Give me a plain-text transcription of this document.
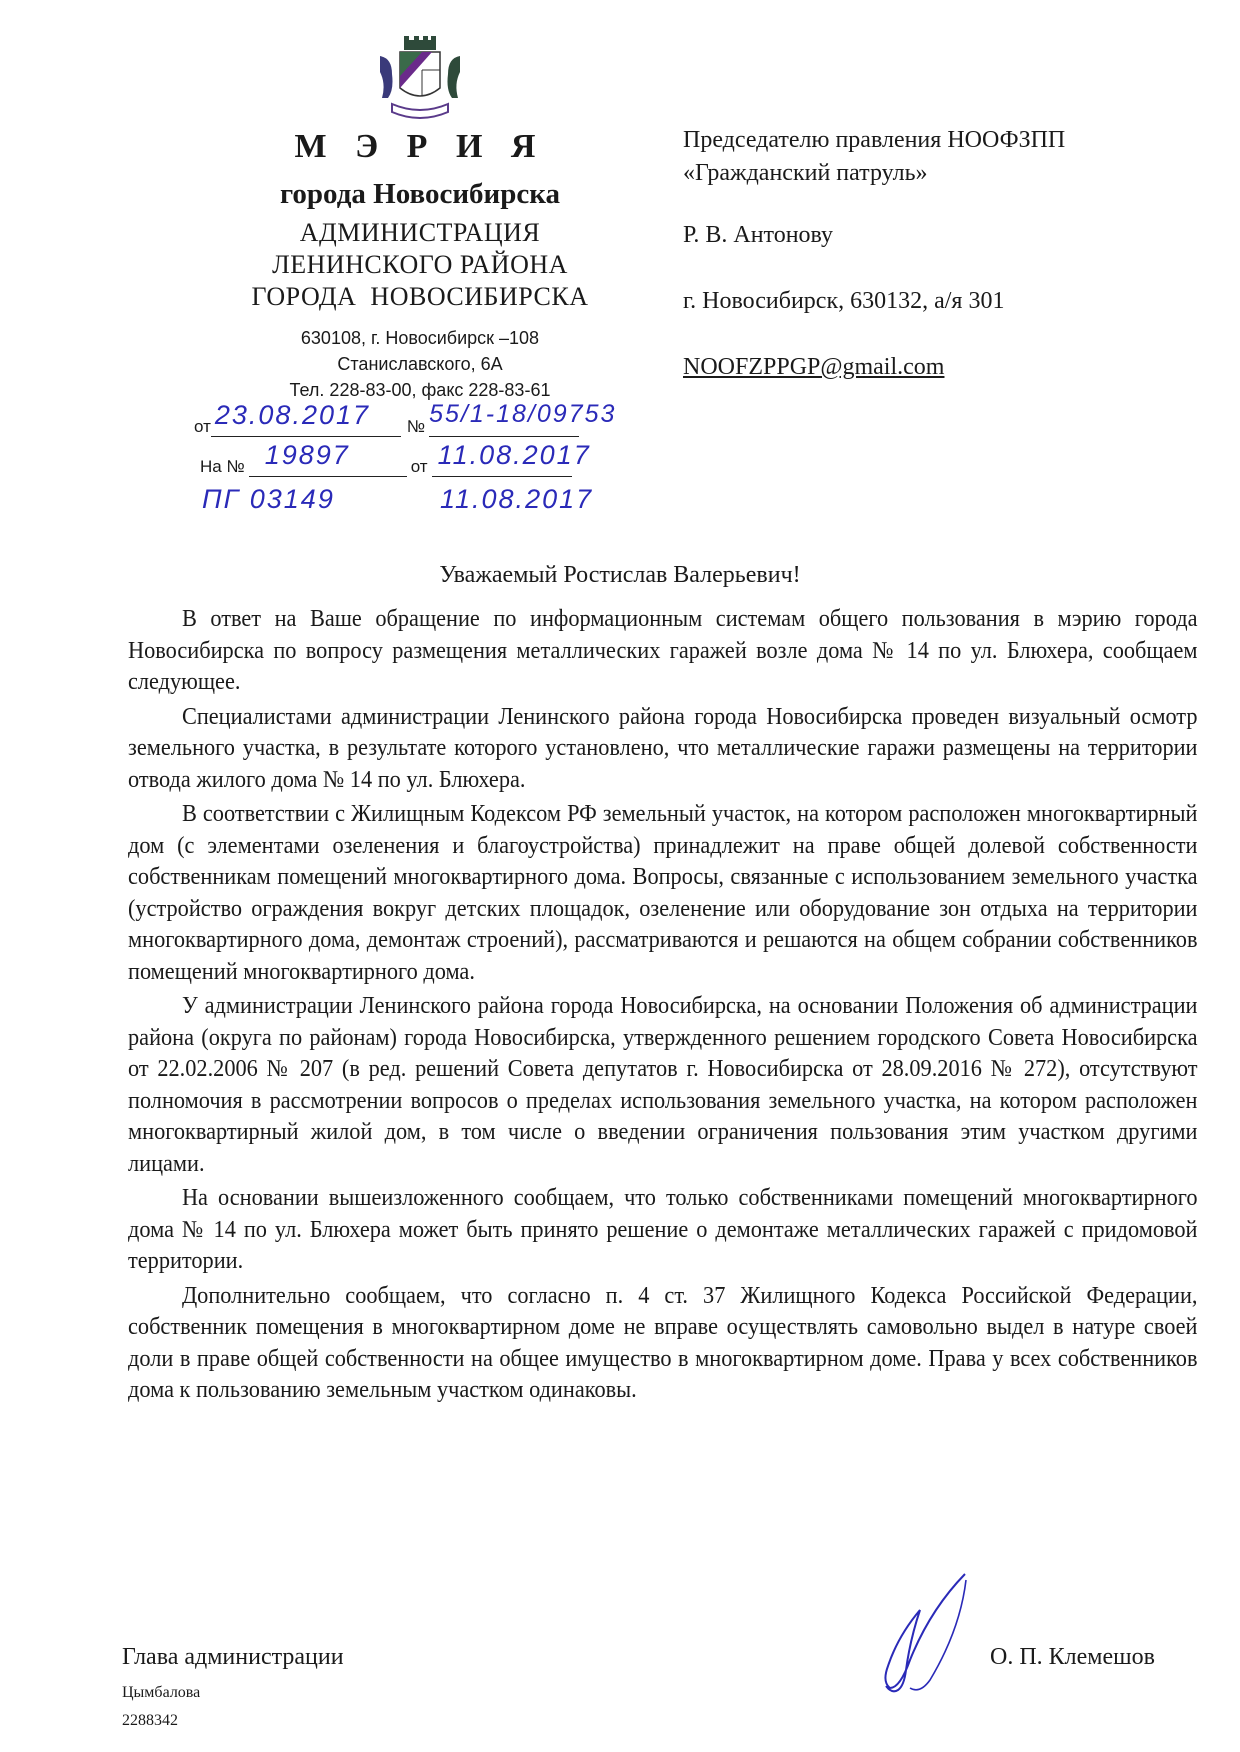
М Э Р И Я
города Новосибирска
АДМИНИСТРАЦИЯ
ЛЕНИНСКОГО РАЙОНА
ГОРОДА  НОВОСИБИРСКА
630108, г. Новосибирск –108
Станиславского, 6А
Тел. 228-83-00, факс 228-83-61
от 23.08.2017 № 55/1-18/09753
На № 19897	от 11.08.2017
ПГ 03149	11.08.2017
Председателю правления НООФЗПП
«Гражданский патруль»
Р. В. Антонову
г. Новосибирск, 630132, а/я 301
NOOFZPPGP@gmail.com
Уважаемый Ростислав Валерьевич!

В ответ на Ваше обращение по информационным системам общего пользования в мэрию города Новосибирска по вопросу размещения металлических гаражей возле дома № 14 по ул. Блюхера, сообщаем следующее.

Специалистами администрации Ленинского района города Новосибирска проведен визуальный осмотр земельного участка, в результате которого установлено, что металлические гаражи размещены на территории отвода жилого дома № 14 по ул. Блюхера.

В соответствии с Жилищным Кодексом РФ земельный участок, на котором расположен многоквартирный дом (с элементами озеленения и благоустройства) принадлежит на праве общей долевой собственности собственникам помещений многоквартирного дома. Вопросы, связанные с использованием земельного участка (устройство ограждения вокруг детских площадок, озеленение или оборудование зон отдыха на территории многоквартирного дома, демонтаж строений), рассматриваются и решаются на общем собрании собственников помещений многоквартирного дома.

У администрации Ленинского района города Новосибирска, на основании Положения об администрации района (округа по районам) города Новосибирска, утвержденного решением городского Совета Новосибирска от 22.02.2006 № 207 (в ред. решений Совета депутатов г. Новосибирска от 28.09.2016 № 272), отсутствуют полномочия в рассмотрении вопросов о пределах использования земельного участка, на котором расположен многоквартирный жилой дом, в том числе о введении ограничения пользования этим участком другими лицами.

На основании вышеизложенного сообщаем, что только собственниками помещений многоквартирного дома № 14 по ул. Блюхера может быть принято решение о демонтаже металлических гаражей с придомовой территории.

Дополнительно сообщаем, что согласно п. 4 ст. 37 Жилищного Кодекса Российской Федерации, собственник помещения в многоквартирном доме не вправе осуществлять самовольно выдел в натуре своей доли в праве общей собственности на общее имущество в многоквартирном доме. Права у всех собственников дома к пользованию земельным участком одинаковы.

Глава администрации
Цымбалова
2288342
О. П. Клемешов
